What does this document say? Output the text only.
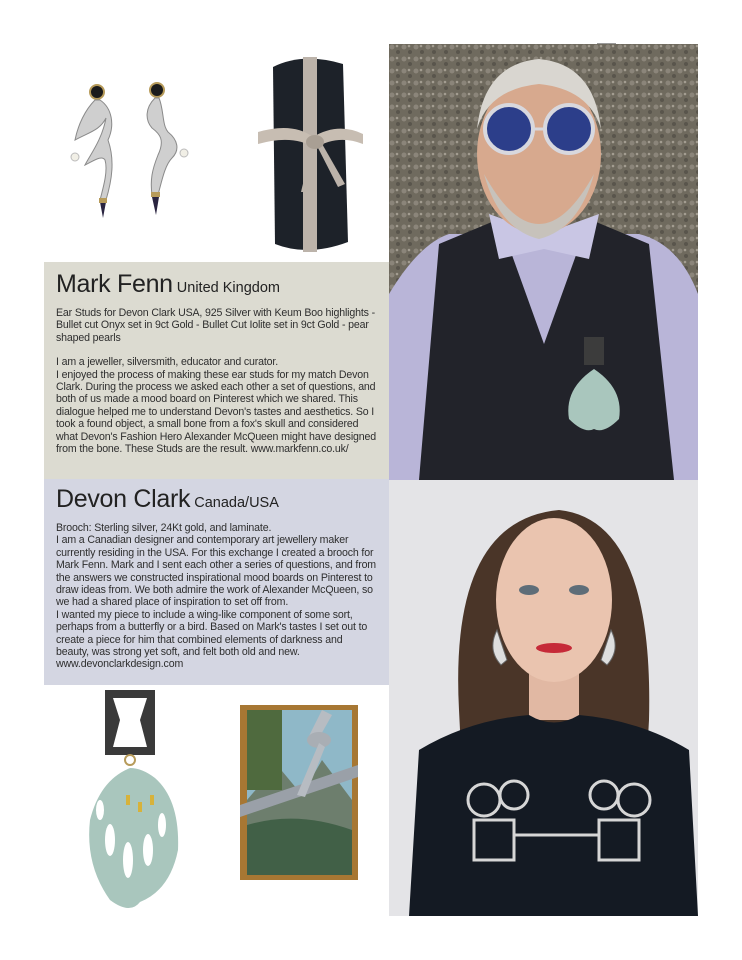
Mark Fenn United Kingdom

Ear Studs for Devon Clark USA, 925 Silver with Keum Boo highlights -Bullet cut Onyx set in 9ct Gold - Bullet Cut Iolite set in 9ct Gold - pear shaped pearls

I am a jeweller, silversmith, educator and curator.
I enjoyed the process of making these ear studs for my match Devon Clark. During the process we asked each other a set of questions, and both of us made a mood board on Pinterest which we shared. This dialogue helped me to understand Devon's tastes and aesthetics. So I took a found object, a small bone from a fox's skull and considered what Devon's Fashion Hero Alexander McQueen might have designed from the bone. These Studs are the result. www.markfenn.co.uk/

Devon Clark Canada/USA

Brooch: Sterling silver, 24Kt gold, and laminate.
I am a Canadian designer and contemporary art jewellery maker currently residing in the USA. For this exchange I created a brooch for Mark Fenn. Mark and I sent each other a series of questions, and from the answers we constructed inspirational mood boards on Pinterest to draw ideas from. We both admire the work of Alexander McQueen, so we had a shared place of inspiration to set off from.
I wanted my piece to include a wing-like component of some sort, perhaps from a butterfly or a bird. Based on Mark's tastes I set out to create a piece for him that combined elements of darkness and beauty, was strong yet soft, and felt both old and new. www.devonclarkdesign.com
